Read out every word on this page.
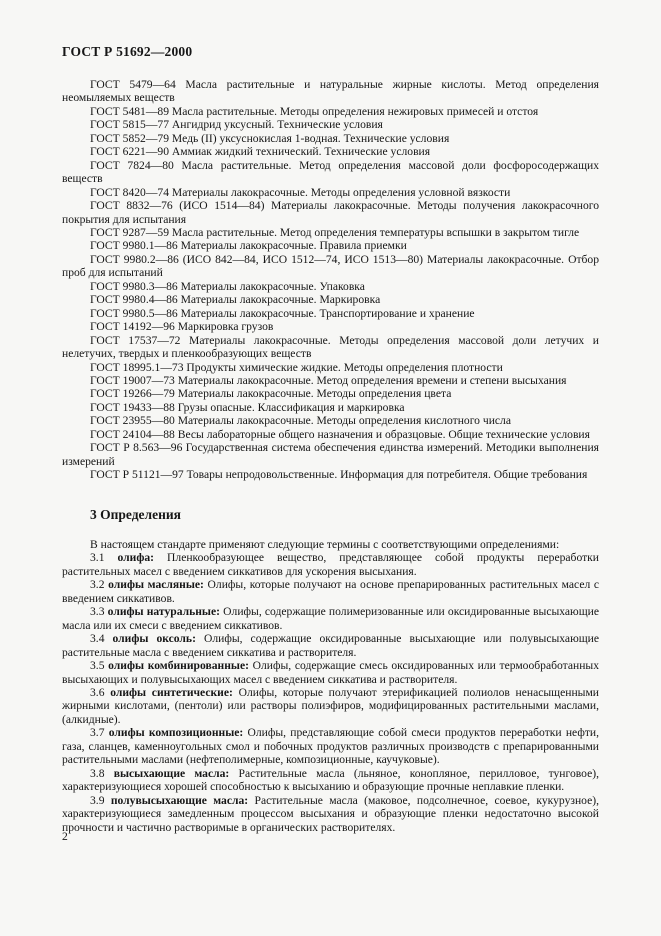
ГОСТ Р 51692—2000

ГОСТ 5479—64 Масла растительные и натуральные жирные кислоты. Метод определения неомыляемых веществ

ГОСТ 5481—89 Масла растительные. Методы определения нежировых примесей и отстоя

ГОСТ 5815—77 Ангидрид уксусный. Технические условия

ГОСТ 5852—79 Медь (II) уксуснокислая 1-водная. Технические условия

ГОСТ 6221—90 Аммиак жидкий технический. Технические условия

ГОСТ 7824—80 Масла растительные. Метод определения массовой доли фосфоросодержащих веществ

ГОСТ 8420—74 Материалы лакокрасочные. Методы определения условной вязкости

ГОСТ 8832—76 (ИСО 1514—84) Материалы лакокрасочные. Методы получения лакокрасочного покрытия для испытания

ГОСТ 9287—59 Масла растительные. Метод определения температуры вспышки в закрытом тигле

ГОСТ 9980.1—86 Материалы лакокрасочные. Правила приемки

ГОСТ 9980.2—86 (ИСО 842—84, ИСО 1512—74, ИСО 1513—80) Материалы лакокрасочные. Отбор проб для испытаний

ГОСТ 9980.3—86 Материалы лакокрасочные. Упаковка

ГОСТ 9980.4—86 Материалы лакокрасочные. Маркировка

ГОСТ 9980.5—86 Материалы лакокрасочные. Транспортирование и хранение

ГОСТ 14192—96 Маркировка грузов

ГОСТ 17537—72 Материалы лакокрасочные. Методы определения массовой доли летучих и нелетучих, твердых и пленкообразующих веществ

ГОСТ 18995.1—73 Продукты химические жидкие. Методы определения плотности

ГОСТ 19007—73 Материалы лакокрасочные. Метод определения времени и степени высыхания

ГОСТ 19266—79 Материалы лакокрасочные. Методы определения цвета

ГОСТ 19433—88 Грузы опасные. Классификация и маркировка

ГОСТ 23955—80 Материалы лакокрасочные. Методы определения кислотного числа

ГОСТ 24104—88 Весы лабораторные общего назначения и образцовые. Общие технические условия

ГОСТ Р 8.563—96 Государственная система обеспечения единства измерений. Методики выполнения измерений

ГОСТ Р 51121—97 Товары непродовольственные. Информация для потребителя. Общие требования

3 Определения

В настоящем стандарте применяют следующие термины с соответствующими определениями:

3.1 олифа: Пленкообразующее вещество, представляющее собой продукты переработки растительных масел с введением сиккативов для ускорения высыхания.

3.2 олифы масляные: Олифы, которые получают на основе препарированных растительных масел с введением сиккативов.

3.3 олифы натуральные: Олифы, содержащие полимеризованные или оксидированные высыхающие масла или их смеси с введением сиккативов.

3.4 олифы оксоль: Олифы, содержащие оксидированные высыхающие или полувысыхающие растительные масла с введением сиккатива и растворителя.

3.5 олифы комбинированные: Олифы, содержащие смесь оксидированных или термообработанных высыхающих и полувысыхающих масел с введением сиккатива и растворителя.

3.6 олифы синтетические: Олифы, которые получают этерификацией полиолов ненасыщенными жирными кислотами, (пентоли) или растворы полиэфиров, модифицированных растительными маслами, (алкидные).

3.7 олифы композиционные: Олифы, представляющие собой смеси продуктов переработки нефти, газа, сланцев, каменноугольных смол и побочных продуктов различных производств с препарированными растительными маслами (нефтеполимерные, композиционные, каучуковые).

3.8 высыхающие масла: Растительные масла (льняное, конопляное, перилловое, тунговое), характеризующиеся хорошей способностью к высыханию и образующие прочные неплавкие пленки.

3.9 полувысыхающие масла: Растительные масла (маковое, подсолнечное, соевое, кукурузное), характеризующиеся замедленным процессом высыхания и образующие пленки недостаточно высокой прочности и частично растворимые в органических растворителях.

2
